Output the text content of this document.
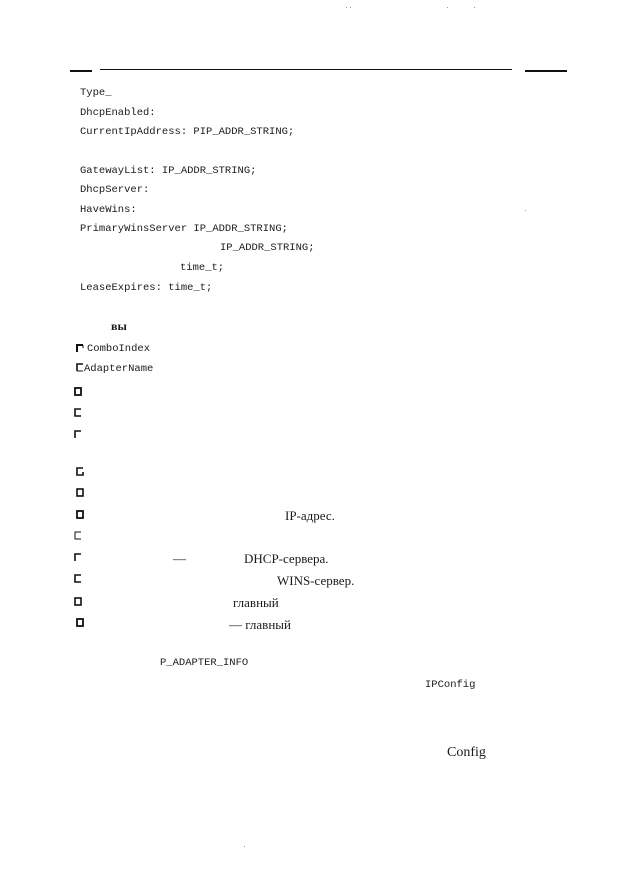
Type_
DhcpEnabled:
CurrentIpAddress: PIP_ADDR_STRING;
GatewayList: IP_ADDR_STRING;
DhcpServer:
HaveWins:
PrimaryWinsServer IP_ADDR_STRING;
IP_ADDR_STRING;
time_t;
LeaseExpires: time_t;
вы
ComboIndex
AdapterName
IP-адрес.
—	DHCP-сервера.
WINS-сервер.
главный
— главный
P_ADAPTER_INFO
IPConfig
Config
